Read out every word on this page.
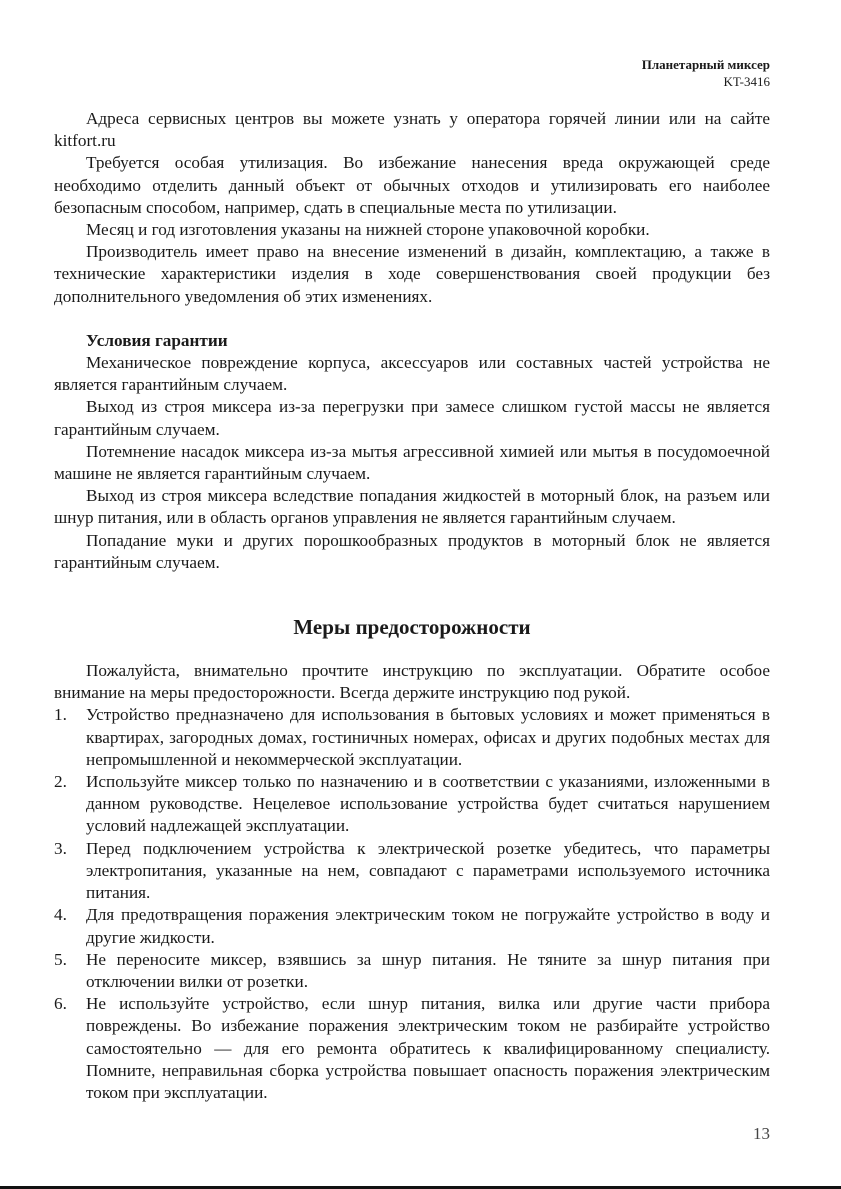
Планетарный миксер
KT-3416

Адреса сервисных центров вы можете узнать у оператора горячей линии или на сайте kitfort.ru

Требуется особая утилизация. Во избежание нанесения вреда окружающей среде необходимо отделить данный объект от обычных отходов и утилизировать его наиболее безопасным способом, например, сдать в специальные места по утилизации.

Месяц и год изготовления указаны на нижней стороне упаковочной коробки.

Производитель имеет право на внесение изменений в дизайн, комплектацию, а также в технические характеристики изделия в ходе совершенствования своей продукции без дополнительного уведомления об этих изменениях.

Условия гарантии

Механическое повреждение корпуса, аксессуаров или составных частей устройства не является гарантийным случаем.

Выход из строя миксера из-за перегрузки при замесе слишком густой массы не является гарантийным случаем.

Потемнение насадок миксера из-за мытья агрессивной химией или мытья в посудомоечной машине не является гарантийным случаем.

Выход из строя миксера вследствие попадания жидкостей в моторный блок, на разъем или шнур питания, или в область органов управления не является гарантийным случаем.

Попадание муки и других порошкообразных продуктов в моторный блок не является гарантийным случаем.

Меры предосторожности

Пожалуйста, внимательно прочтите инструкцию по эксплуатации. Обратите особое внимание на меры предосторожности. Всегда держите инструкцию под рукой.

1. Устройство предназначено для использования в бытовых условиях и может применяться в квартирах, загородных домах, гостиничных номерах, офисах и других подобных местах для непромышленной и некоммерческой эксплуатации.
2. Используйте миксер только по назначению и в соответствии с указаниями, изложенными в данном руководстве. Нецелевое использование устройства будет считаться нарушением условий надлежащей эксплуатации.
3. Перед подключением устройства к электрической розетке убедитесь, что параметры электропитания, указанные на нем, совпадают с параметрами используемого источника питания.
4. Для предотвращения поражения электрическим током не погружайте устройство в воду и другие жидкости.
5. Не переносите миксер, взявшись за шнур питания. Не тяните за шнур питания при отключении вилки от розетки.
6. Не используйте устройство, если шнур питания, вилка или другие части прибора повреждены. Во избежание поражения электрическим током не разбирайте устройство самостоятельно — для его ремонта обратитесь к квалифицированному специалисту. Помните, неправильная сборка устройства повышает опасность поражения электрическим током при эксплуатации.
13
